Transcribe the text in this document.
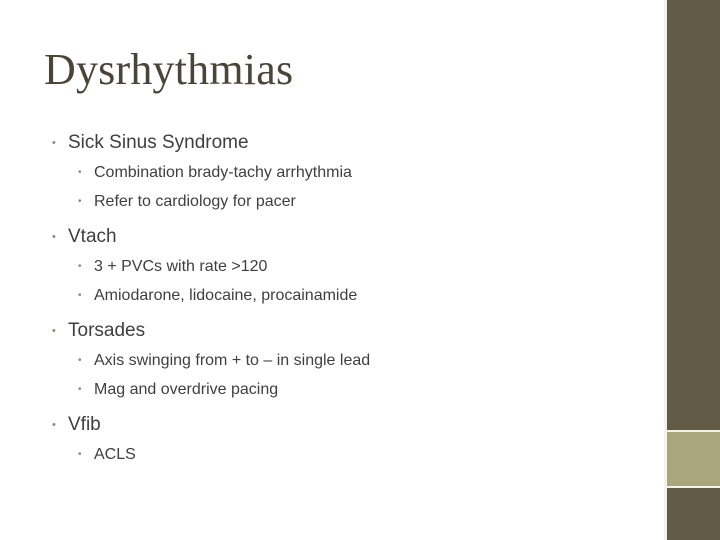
Dysrhythmias
• Sick Sinus Syndrome
• Combination brady-tachy arrhythmia
• Refer to cardiology for pacer
• Vtach
• 3 + PVCs with rate >120
• Amiodarone, lidocaine, procainamide
• Torsades
• Axis swinging from + to – in single lead
• Mag and overdrive pacing
• Vfib
• ACLS
